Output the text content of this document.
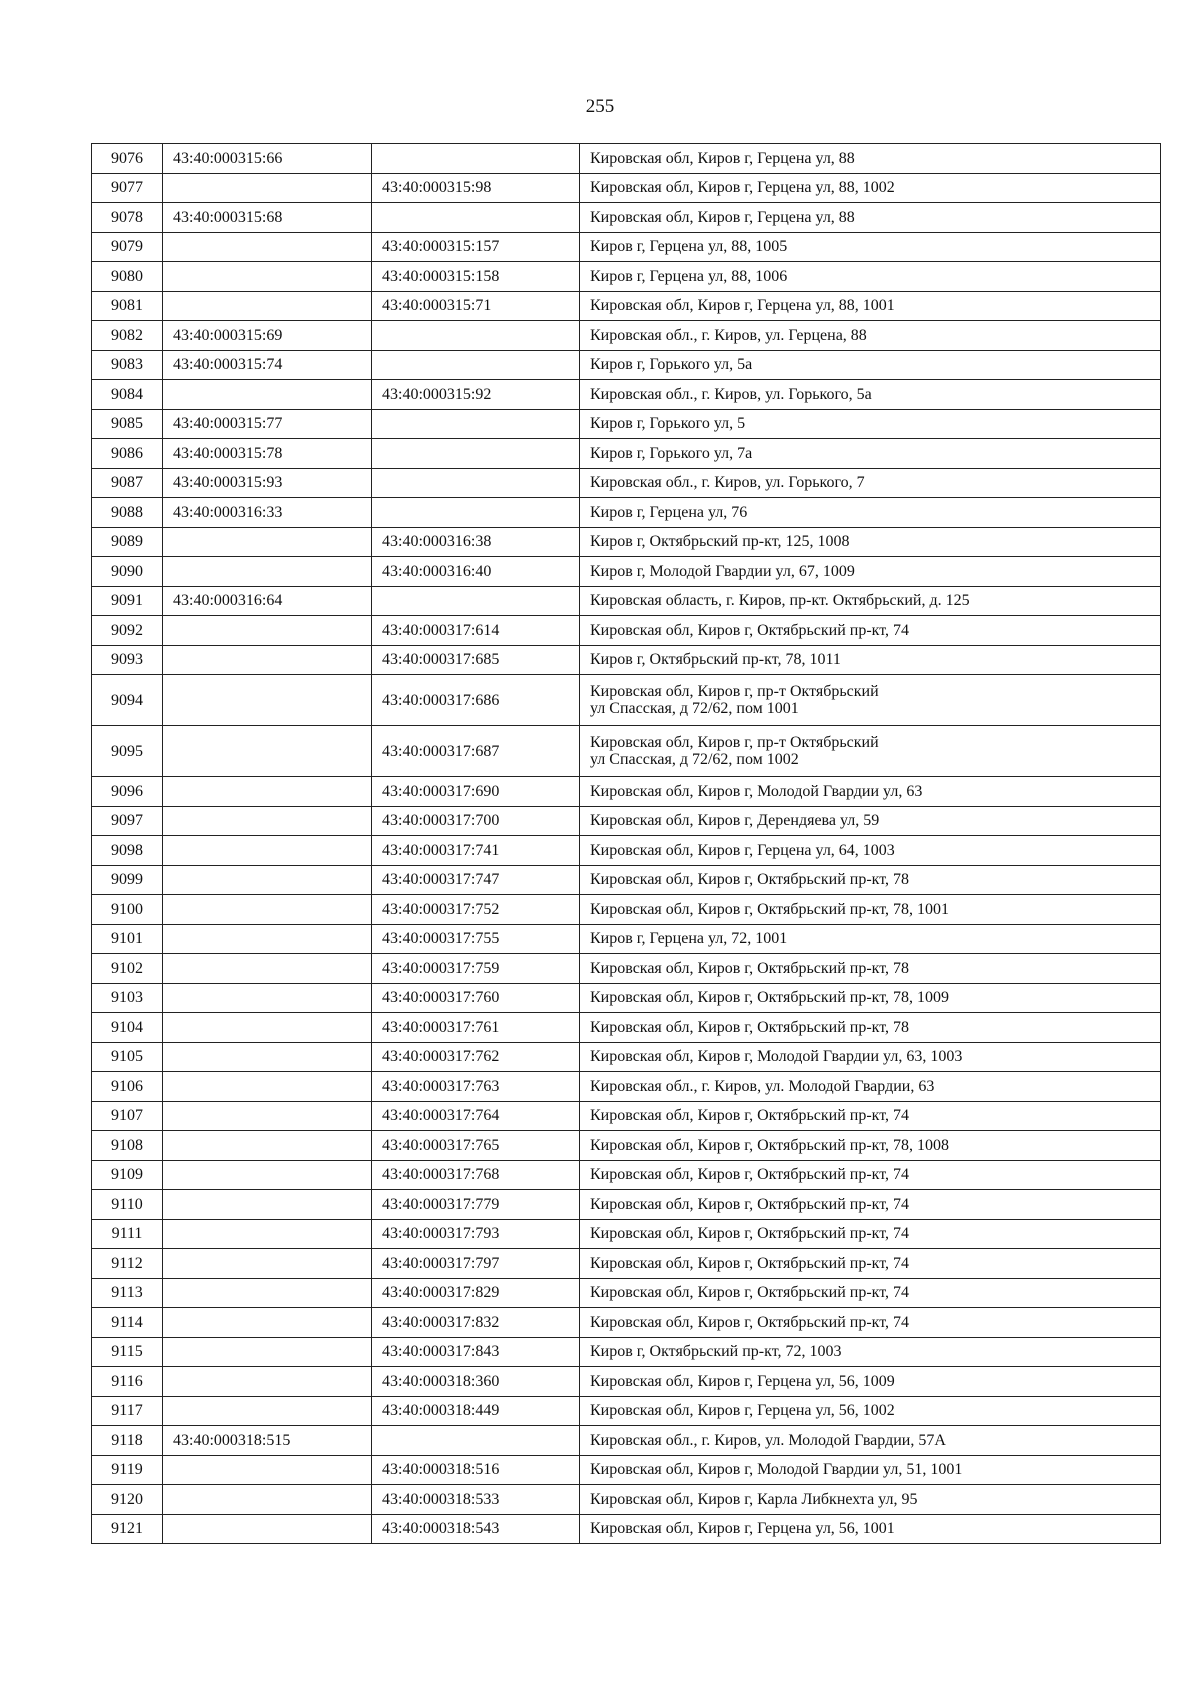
255
9076	43:40:000315:66		Кировская обл, Киров г, Герцена ул, 88
9077		43:40:000315:98	Кировская обл, Киров г, Герцена ул, 88, 1002
9078	43:40:000315:68		Кировская обл, Киров г, Герцена ул, 88
9079		43:40:000315:157	Киров г, Герцена ул, 88, 1005
9080		43:40:000315:158	Киров г, Герцена ул, 88, 1006
9081		43:40:000315:71	Кировская обл, Киров г, Герцена ул, 88, 1001
9082	43:40:000315:69		Кировская обл., г. Киров, ул. Герцена, 88
9083	43:40:000315:74		Киров г, Горького ул, 5а
9084		43:40:000315:92	Кировская обл., г. Киров, ул. Горького, 5а
9085	43:40:000315:77		Киров г, Горького ул, 5
9086	43:40:000315:78		Киров г, Горького ул, 7а
9087	43:40:000315:93		Кировская обл., г. Киров, ул. Горького, 7
9088	43:40:000316:33		Киров г, Герцена ул, 76
9089		43:40:000316:38	Киров г, Октябрьский пр-кт, 125, 1008
9090		43:40:000316:40	Киров г, Молодой Гвардии ул, 67, 1009
9091	43:40:000316:64		Кировская область, г. Киров, пр-кт. Октябрьский, д. 125
9092		43:40:000317:614	Кировская обл, Киров г, Октябрьский пр-кт, 74
9093		43:40:000317:685	Киров г, Октябрьский пр-кт, 78, 1011
9094		43:40:000317:686	Кировская обл, Киров г, пр-т Октябрьский
ул Спасская, д 72/62, пом 1001

9095		43:40:000317:687	Кировская обл, Киров г, пр-т Октябрьский
ул Спасская, д 72/62, пом 1002

9096		43:40:000317:690	Кировская обл, Киров г, Молодой Гвардии ул, 63
9097		43:40:000317:700	Кировская обл, Киров г, Дерендяева ул, 59
9098		43:40:000317:741	Кировская обл, Киров г, Герцена ул, 64, 1003
9099		43:40:000317:747	Кировская обл, Киров г, Октябрьский пр-кт, 78
9100		43:40:000317:752	Кировская обл, Киров г, Октябрьский пр-кт, 78, 1001
9101		43:40:000317:755	Киров г, Герцена ул, 72, 1001
9102		43:40:000317:759	Кировская обл, Киров г, Октябрьский пр-кт, 78
9103		43:40:000317:760	Кировская обл, Киров г, Октябрьский пр-кт, 78, 1009
9104		43:40:000317:761	Кировская обл, Киров г, Октябрьский пр-кт, 78
9105		43:40:000317:762	Кировская обл, Киров г, Молодой Гвардии ул, 63, 1003
9106		43:40:000317:763	Кировская обл., г. Киров, ул. Молодой Гвардии, 63
9107		43:40:000317:764	Кировская обл, Киров г, Октябрьский пр-кт, 74
9108		43:40:000317:765	Кировская обл, Киров г, Октябрьский пр-кт, 78, 1008
9109		43:40:000317:768	Кировская обл, Киров г, Октябрьский пр-кт, 74
9110		43:40:000317:779	Кировская обл, Киров г, Октябрьский пр-кт, 74
9111		43:40:000317:793	Кировская обл, Киров г, Октябрьский пр-кт, 74
9112		43:40:000317:797	Кировская обл, Киров г, Октябрьский пр-кт, 74
9113		43:40:000317:829	Кировская обл, Киров г, Октябрьский пр-кт, 74
9114		43:40:000317:832	Кировская обл, Киров г, Октябрьский пр-кт, 74
9115		43:40:000317:843	Киров г, Октябрьский пр-кт, 72, 1003
9116		43:40:000318:360	Кировская обл, Киров г, Герцена ул, 56, 1009
9117		43:40:000318:449	Кировская обл, Киров г, Герцена ул, 56, 1002
9118	43:40:000318:515		Кировская обл., г. Киров, ул. Молодой Гвардии, 57А
9119		43:40:000318:516	Кировская обл, Киров г, Молодой Гвардии ул, 51, 1001
9120		43:40:000318:533	Кировская обл, Киров г, Карла Либкнехта ул, 95
9121		43:40:000318:543	Кировская обл, Киров г, Герцена ул, 56, 1001
